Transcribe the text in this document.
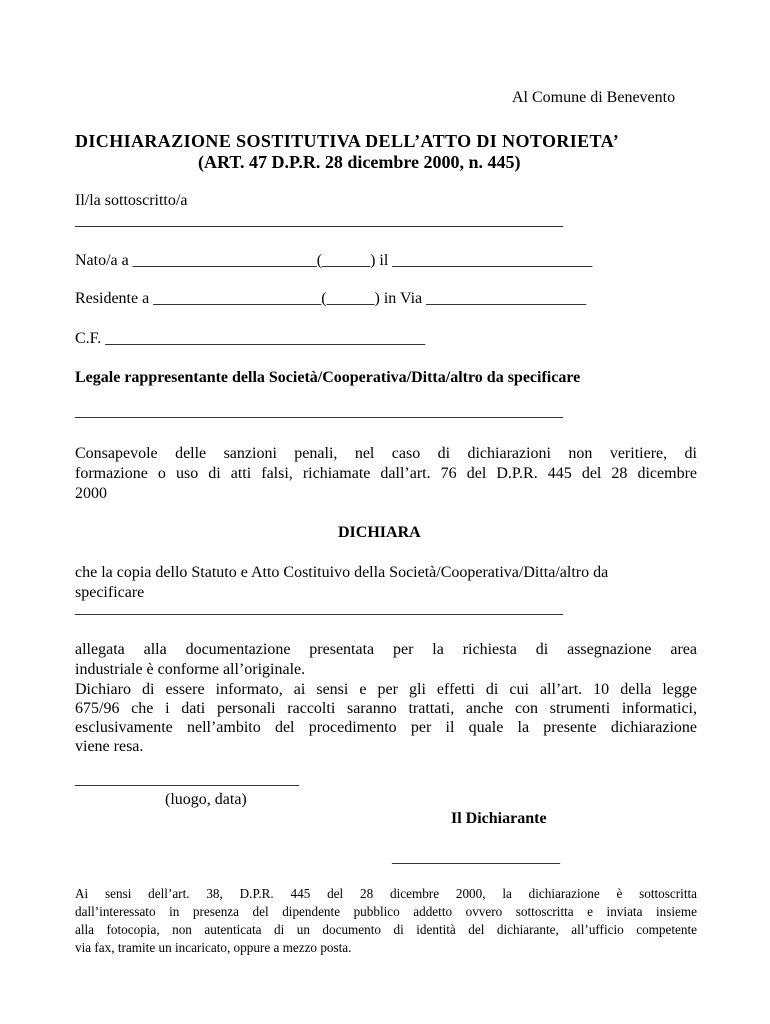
Al Comune di Benevento
DICHIARAZIONE SOSTITUTIVA DELL’ATTO DI NOTORIETA’
(ART. 47 D.P.R. 28 dicembre 2000, n. 445)
Il/la sottoscritto/a
_____________________________________________________________
Nato/a a _______________________(______) il _________________________
Residente a _____________________(______) in Via ____________________
C.F. ________________________________________
Legale rappresentante della Società/Cooperativa/Ditta/altro da specificare
_____________________________________________________________
Consapevole delle sanzioni penali, nel caso di dichiarazioni non veritiere, di
formazione o uso di atti falsi, richiamate dall’art. 76 del D.P.R. 445 del 28 dicembre
2000
DICHIARA
che la copia dello Statuto e Atto Costituivo della Società/Cooperativa/Ditta/altro da
specificare
_____________________________________________________________
allegata alla documentazione presentata per la richiesta di assegnazione area
industriale è conforme all’originale.
Dichiaro di essere informato, ai sensi e per gli effetti di cui all’art. 10 della legge
675/96 che i dati personali raccolti saranno trattati, anche con strumenti informatici,
esclusivamente nell’ambito del procedimento per il quale la presente dichiarazione
viene resa.
____________________________
(luogo, data)
Il Dichiarante
_____________________
Ai sensi dell’art. 38, D.P.R. 445 del 28 dicembre 2000, la dichiarazione è sottoscritta
dall’interessato in presenza del dipendente pubblico addetto ovvero sottoscritta e inviata insieme
alla fotocopia, non autenticata di un documento di identità del dichiarante, all’ufficio competente
via fax, tramite un incaricato, oppure a mezzo posta.
